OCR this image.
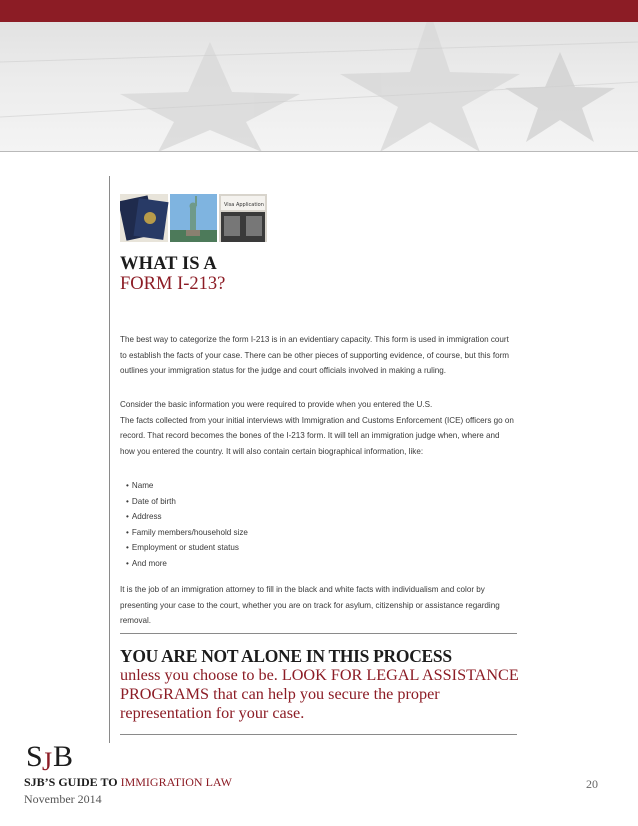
Visa Application
WHAT IS A
FORM I-213?
The best way to categorize the form I-213 is in an evidentiary capacity. This form is used in immigration court to establish the facts of your case. There can be other pieces of supporting evidence, of course, but this form outlines your immigration status for the judge and court officials involved in making a ruling.
Consider the basic information you were required to provide when you entered the U.S.
The facts collected from your initial interviews with Immigration and Customs Enforcement (ICE) officers go on record. That record becomes the bones of the I-213 form. It will tell an immigration judge when, where and how you entered the country. It will also contain certain biographical information, like:
• Name
• Date of birth
• Address
• Family members/household size
• Employment or student status
• And more
It is the job of an immigration attorney to fill in the black and white facts with individualism and color by presenting your case to the court, whether you are on track for asylum, citizenship or assistance regarding removal.
YOU ARE NOT ALONE IN THIS PROCESS
unless you choose to be. LOOK FOR LEGAL ASSISTANCE PROGRAMS that can help you secure the proper representation for your case.
S J B
SJB’S GUIDE TO IMMIGRATION LAW
November 2014
20
